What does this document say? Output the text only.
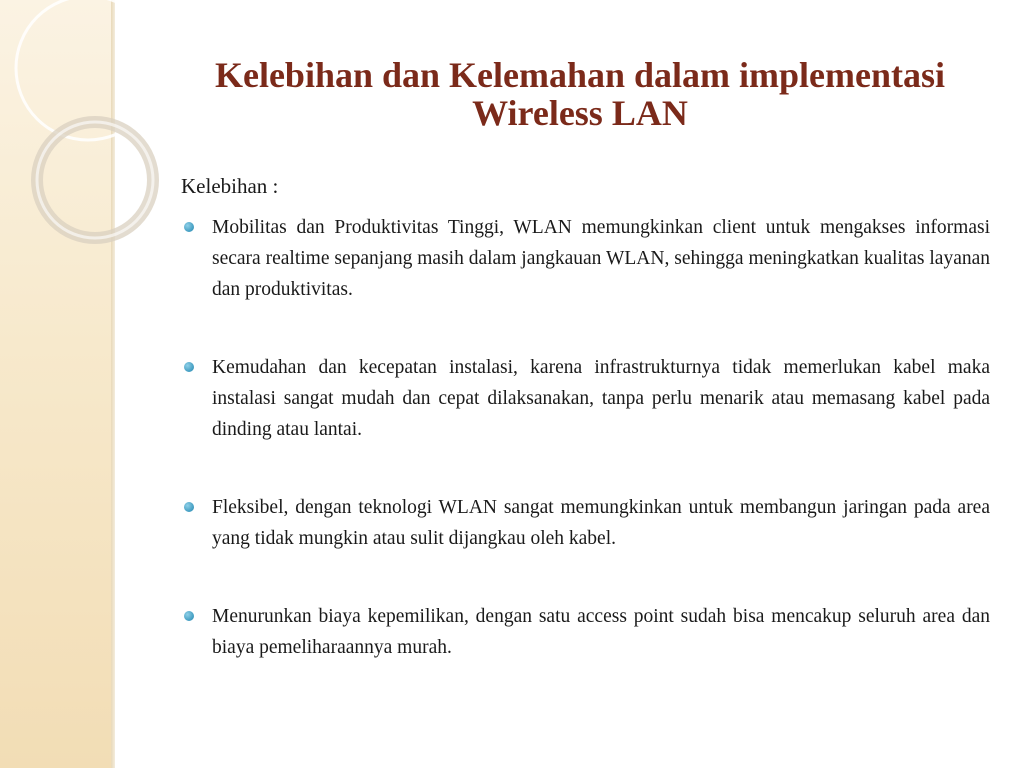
Kelebihan dan Kelemahan dalam implementasi Wireless LAN

Kelebihan :

Mobilitas dan Produktivitas Tinggi, WLAN memungkinkan client untuk mengakses informasi secara realtime sepanjang masih dalam jangkauan WLAN, sehingga meningkatkan kualitas layanan dan produktivitas.
Kemudahan dan kecepatan instalasi, karena infrastrukturnya tidak memerlukan kabel maka instalasi sangat mudah dan cepat dilaksanakan, tanpa perlu menarik atau memasang kabel pada dinding atau lantai.
Fleksibel, dengan teknologi WLAN sangat memungkinkan untuk membangun jaringan pada area yang tidak mungkin atau sulit dijangkau oleh kabel.
Menurunkan biaya kepemilikan, dengan satu access point sudah bisa mencakup seluruh area dan biaya pemeliharaannya murah.
